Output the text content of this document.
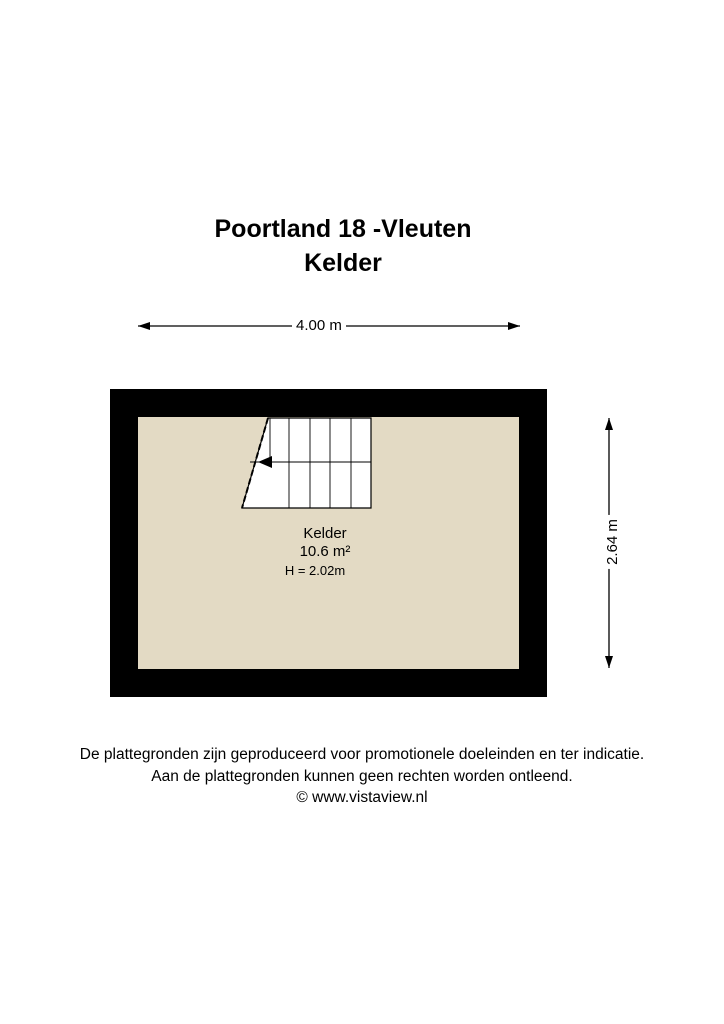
Poortland 18 -Vleuten
Kelder
4.00 m
2.64 m
Kelder
10.6 m²
H = 2.02m
De plattegronden zijn geproduceerd voor promotionele doeleinden en ter indicatie.
Aan de plattegronden kunnen geen rechten worden ontleend.
© www.vistaview.nl
